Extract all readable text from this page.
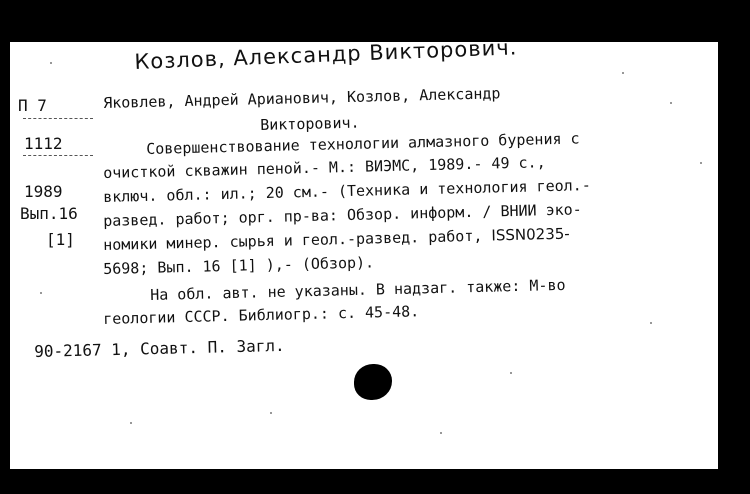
Козлов, Александр Викторович.
П 7
1112
1989
Вып.16
[1]
Яковлев, Андрей Арианович, Козлов, Александр
Викторович.
Совершенствование технологии алмазного бурения с
очисткой скважин пеной.- М.: ВИЭМС, 1989.- 49 с.,
включ. обл.: ил.; 20 см.- (Техника и технология геол.-
развед. работ; орг. пр-ва: Обзор. информ. / ВНИИ эко-
номики минер. сырья и геол.-развед. работ, ISSN0235-
5698; Вып. 16 [1] ),- (Обзор).
На обл. авт. не указаны. В надзаг. также: М-во
геологии СССР. Библиогр.: с. 45-48.
90-2167 1, Соавт. П. Загл.
